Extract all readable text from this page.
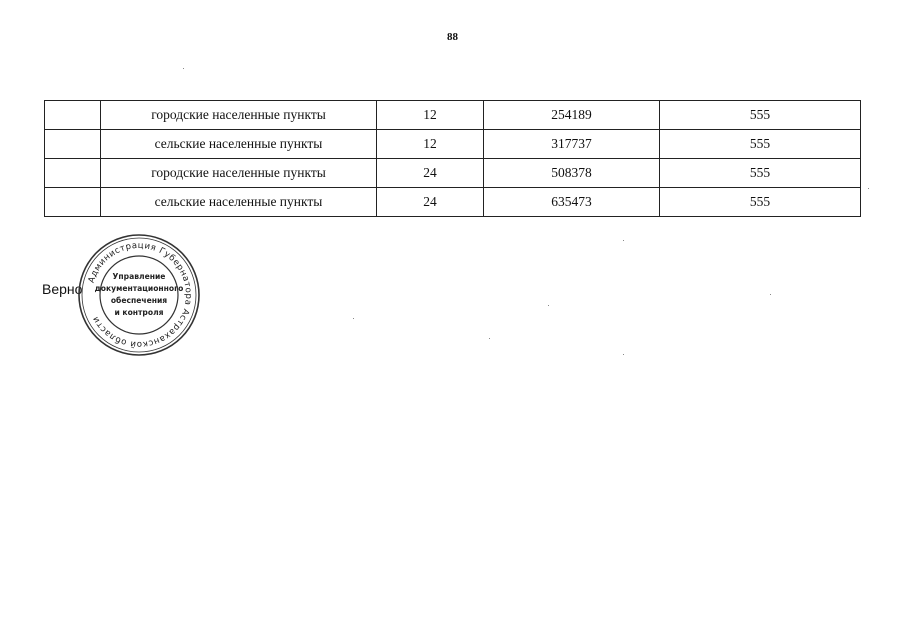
88
	городские населенные пункты	12	254189	555
	сельские населенные пункты	12	317737	555
	городские населенные пункты	24	508378	555
	сельские населенные пункты	24	635473	555
Верно
Администрация Губернатора Астраханской области
Управление
документационного
обеспечения
и контроля
